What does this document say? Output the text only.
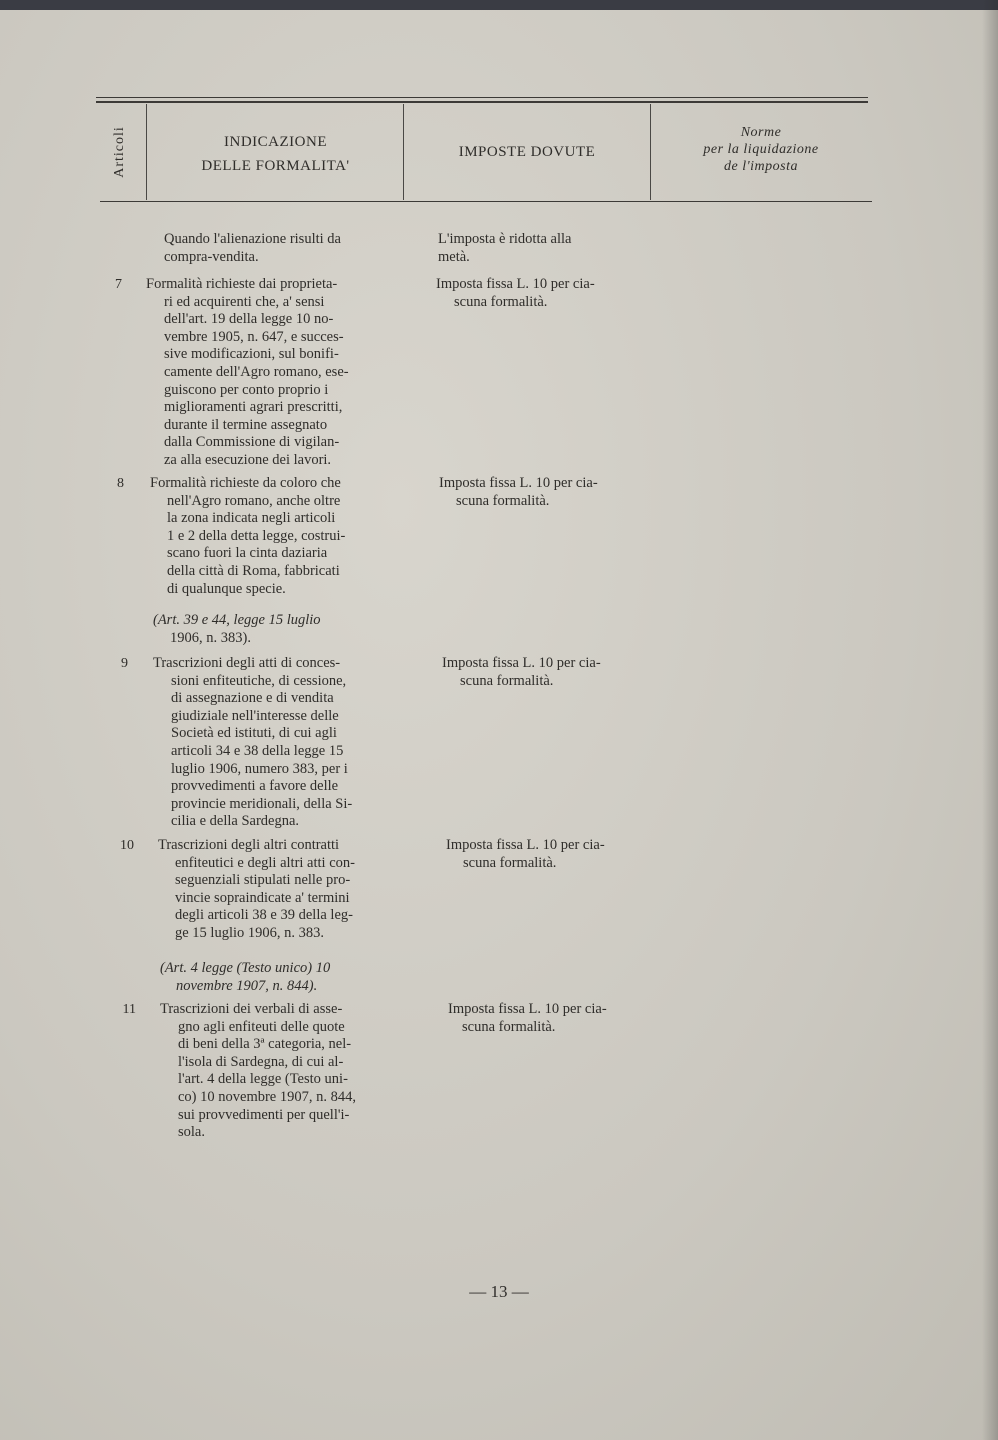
Articoli	INDICAZIONE
DELLE FORMALITA'
IMPOSTE DOVUTE
Norme
per la liquidazione
de l'imposta
Quando l'alienazione risulti da
compra-vendita.
L'imposta è ridotta alla
metà.
7 Formalità richieste dai proprieta-
ri ed acquirenti che, a' sensi
dell'art. 19 della legge 10 no-
vembre 1905, n. 647, e succes-
sive modificazioni, sul bonifi-
camente dell'Agro romano, ese-
guiscono per conto proprio i
miglioramenti agrari prescritti,
durante il termine assegnato
dalla Commissione di vigilan-
za alla esecuzione dei lavori.
Imposta fissa L. 10 per cia-
scuna formalità.
8 Formalità richieste da coloro che
nell'Agro romano, anche oltre
la zona indicata negli articoli
1 e 2 della detta legge, costrui-
scano fuori la cinta daziaria
della città di Roma, fabbricati
di qualunque specie.
Imposta fissa L. 10 per cia-
scuna formalità.
(Art. 39 e 44, legge 15 luglio
1906, n. 383).
9 Trascrizioni degli atti di conces-
sioni enfiteutiche, di cessione,
di assegnazione e di vendita
giudiziale nell'interesse delle
Società ed istituti, di cui agli
articoli 34 e 38 della legge 15
luglio 1906, numero 383, per i
provvedimenti a favore delle
provincie meridionali, della Si-
cilia e della Sardegna.
Imposta fissa L. 10 per cia-
scuna formalità.
10 Trascrizioni degli altri contratti
enfiteutici e degli altri atti con-
seguenziali stipulati nelle pro-
vincie sopraindicate a' termini
degli articoli 38 e 39 della leg-
ge 15 luglio 1906, n. 383.
Imposta fissa L. 10 per cia-
scuna formalità.
(Art. 4 legge (Testo unico) 10
novembre 1907, n. 844).
11 Trascrizioni dei verbali di asse-
gno agli enfiteuti delle quote
di beni della 3ª categoria, nel-
l'isola di Sardegna, di cui al-
l'art. 4 della legge (Testo uni-
co) 10 novembre 1907, n. 844,
sui provvedimenti per quell'i-
sola.
Imposta fissa L. 10 per cia-
scuna formalità.
— 13 —
